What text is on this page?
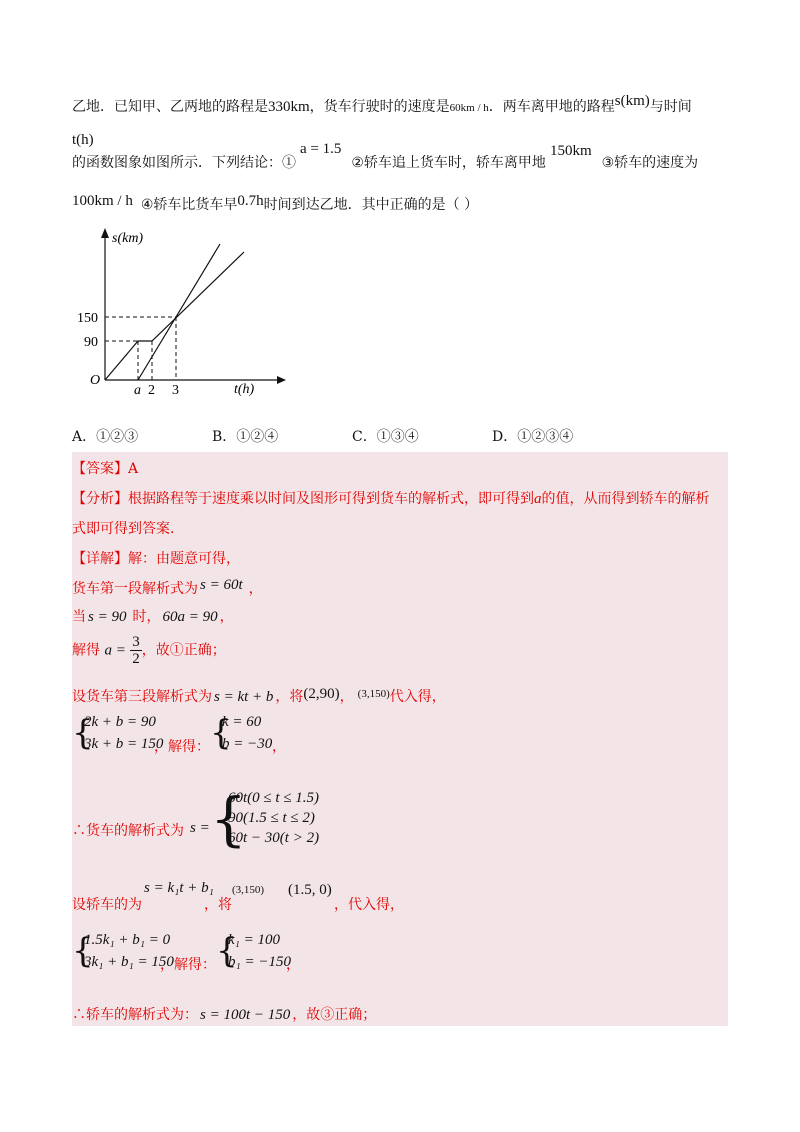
乙地．已知甲、乙两地的路程是330km，货车行驶时的速度是60km / h．两车离甲地的路程s(km)与时间
t(h)
的函数图象如图所示．下列结论：①a = 1.5②轿车追上货车时，轿车离甲地150km③轿车的速度为
100km / h ④轿车比货车早0.7h时间到达乙地．其中正确的是（ ）
s(km)
t(h)
O
150
90
a 2 3
A．①②③	B．①②④	C．①③④	D．①②③④
【答案】A
【分析】根据路程等于速度乘以时间及图形可得到货车的解析式，即可得到a的值，从而得到轿车的解析
式即可得到答案．
【详解】解：由题意可得，
货车第一段解析式为 s = 60t ，
当 s = 90 时， 60a = 90 ，
解得 $a = \frac{3}{2}$ ，故①正确；
设货车第三段解析式为 s = kt + b ，将(2,90)， $^{(3,150)}$代入得，
{
2k + b = 90
3k + b = 150
，解得： {
k = 60
b = −30 ，
∴货车的解析式为 s = {
60t(0 ≤ t ≤ 1.5)
90(1.5 ≤ t ≤ 2)
60t − 30(t > 2)
s = k₁t + b₁
设轿车的为	，将
(3,150) (1.5, 0)
，代入得，
{
1.5k₁ + b₁ = 0
3k₁ + b₁ = 150
，解得： {
k₁ = 100
b₁ = −150
，
∴轿车的解析式为： s = 100t − 150 ，故③正确；
